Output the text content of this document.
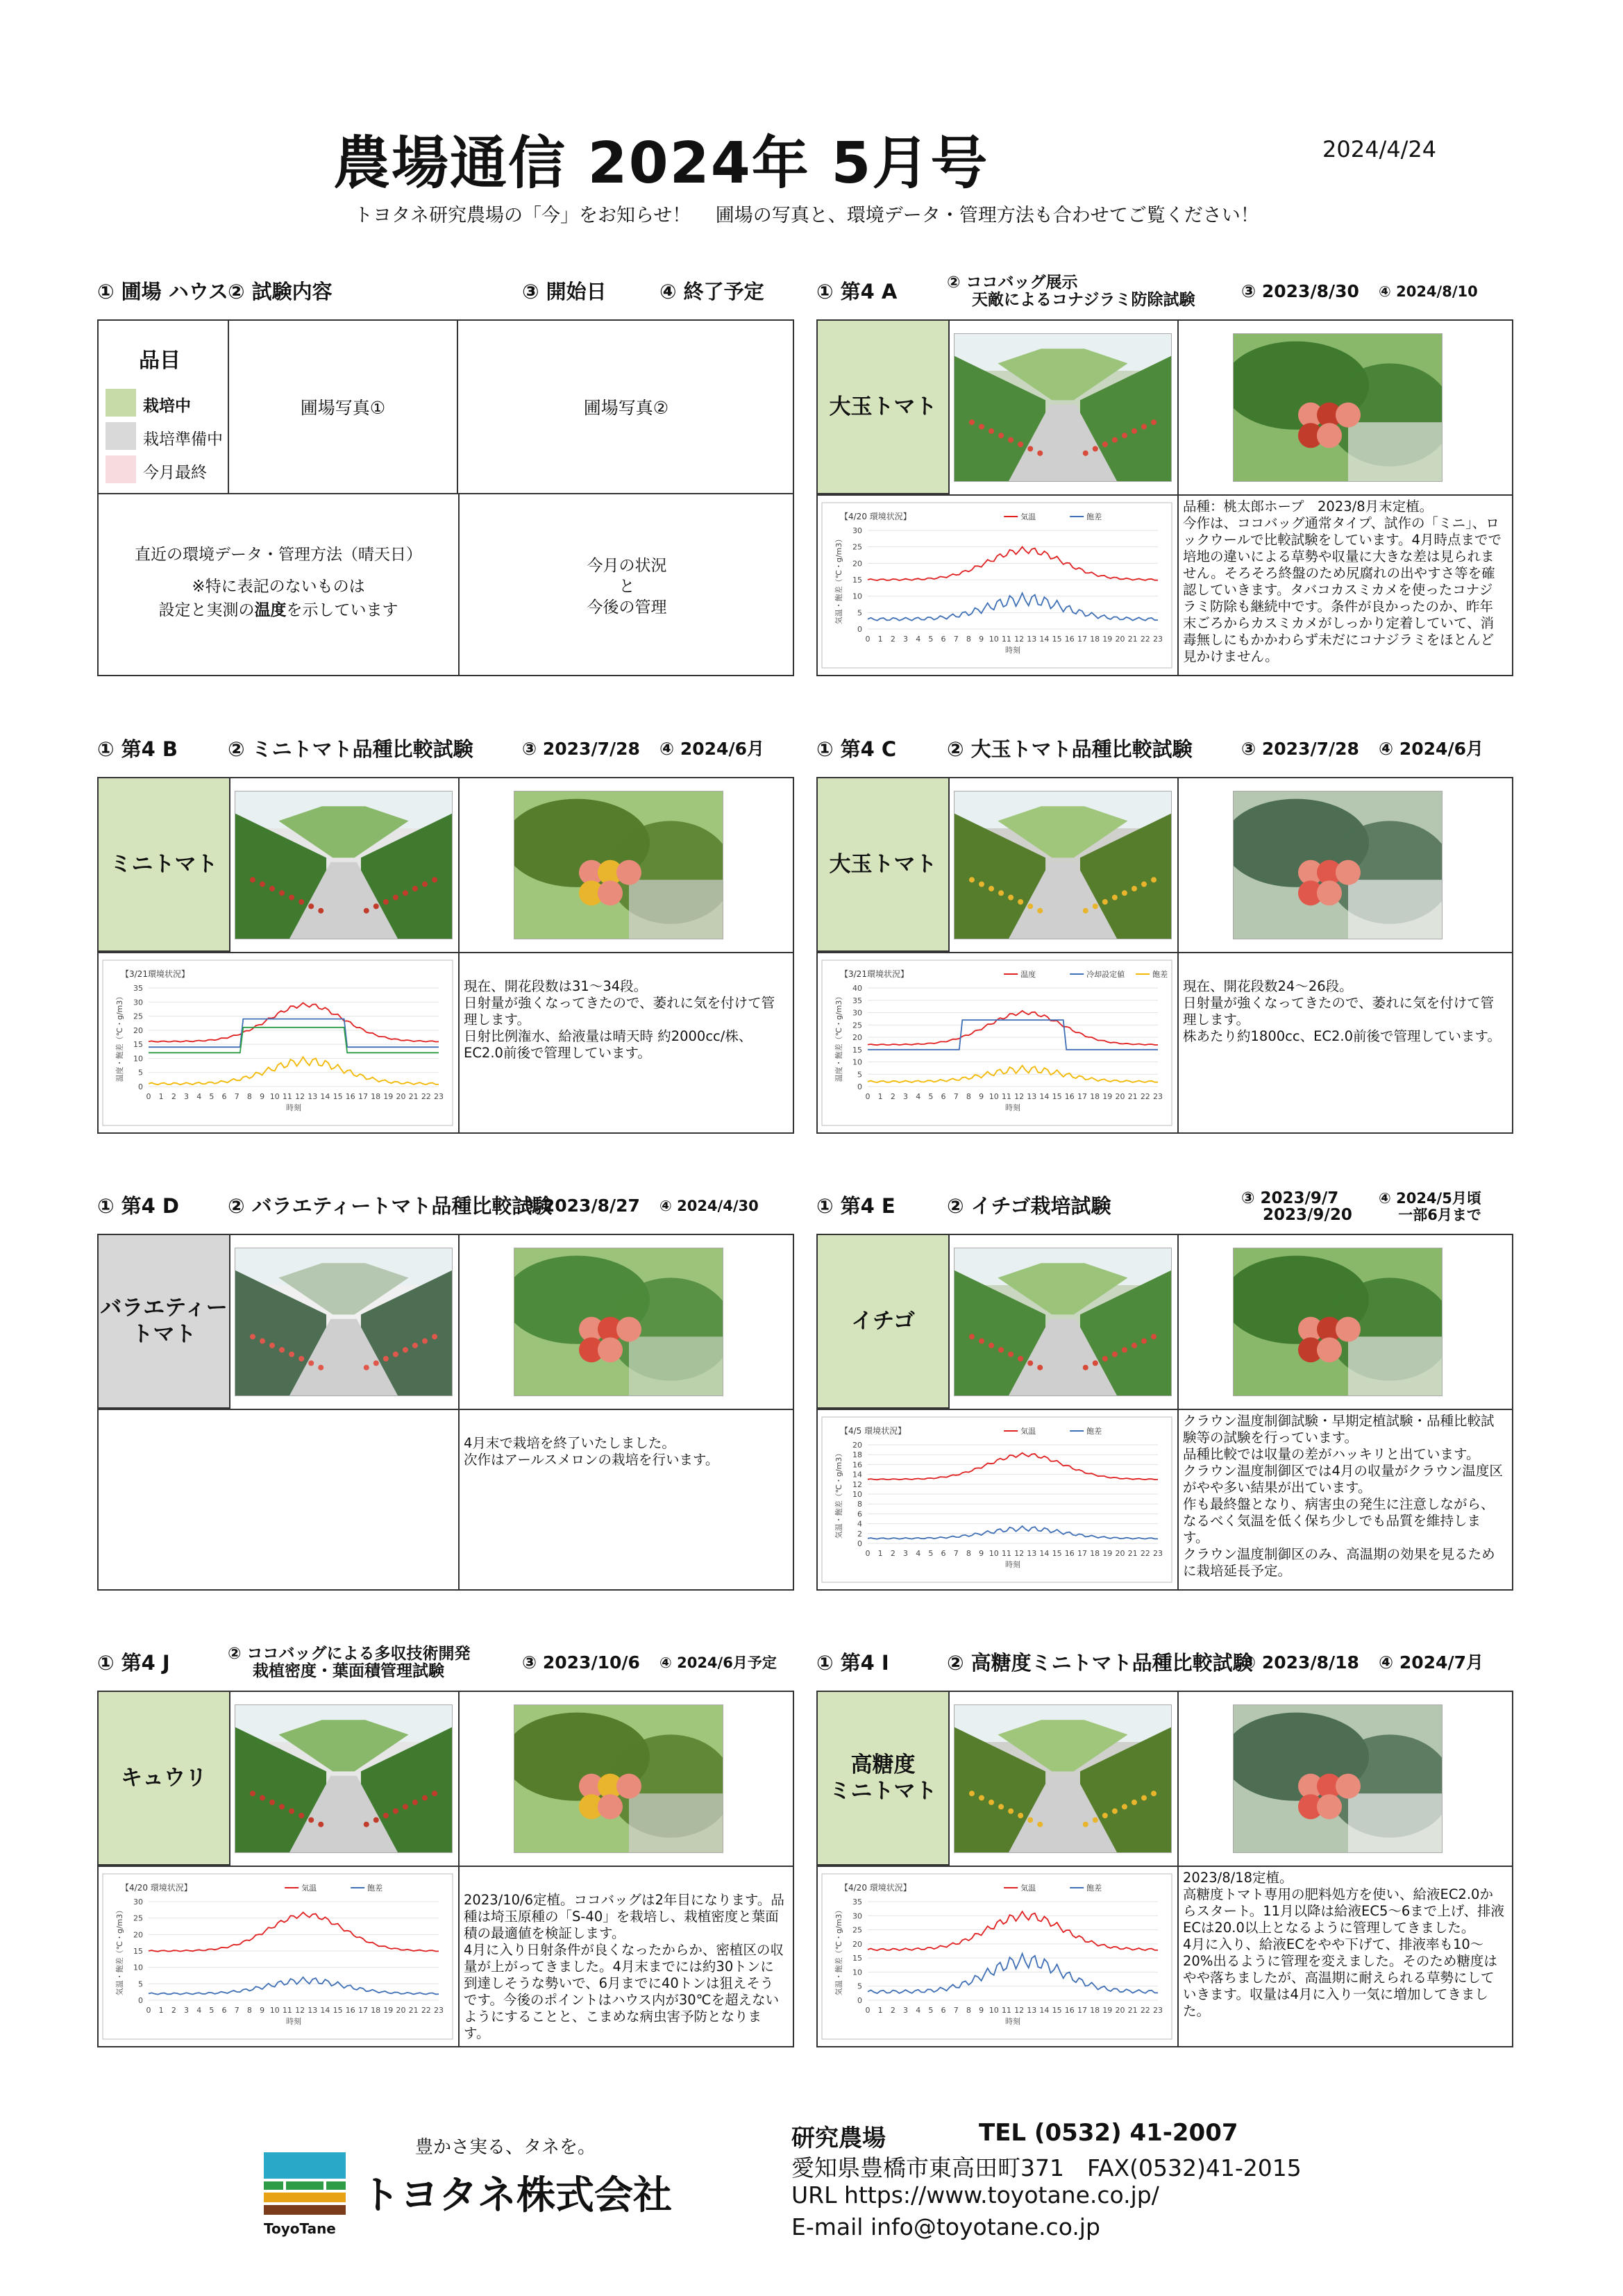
農場通信 2024年 5月号	2024/4/24
トヨタネ研究農場の「今」をお知らせ！　 圃場の写真と、環境データ・管理方法も合わせてご覧ください！
① 圃場 ハウス ② 試験内容	③ 開始日	④ 終了予定
品目
栽培中
栽培準備中
今月最終
圃場写真①	圃場写真②
直近の環境データ・管理方法（晴天日）
※特に表記のないものは
設定と実測の温度を示しています
今月の状況
と
今後の管理
① 第4 A	② ココバッグ展示
天敵によるコナジラミ防除試験	③ 2023/8/30 ④ 2024/8/10
大玉トマト
【4/20 環境状況】	気温	飽差
30
25
20
15
10
5
0
0 1 2 3 4 5 6 7 8 9 10 11 12 13 14 15 16 17 18 19 20 21 22 23
時刻
気温・飽差（℃・g/m3）
品種：桃太郎ホープ　2023/8月末定植。
今作は、ココバッグ通常タイプ、試作の「ミニ」、ロックウールで比較試験をしています。4月時点までで培地の違いによる草勢や収量に大きな差は見られません。そろそろ終盤のため尻腐れの出やすさ等を確認していきます。タバコカスミカメを使ったコナジラミ防除も継続中です。条件が良かったのか、昨年末ごろからカスミカメがしっかり定着していて、消毒無しにもかかわらず未だにコナジラミをほとんど見かけません。
① 第4 B ② ミニトマト品種比較試験	③ 2023/7/28 ④ 2024/6月
ミニトマト
【3/21環境状況】
35
30
25
20
15
10
5
0
0 1 2 3 4 5 6 7 8 9 10 11 12 13 14 15 16 17 18 19 20 21 22 23
時刻
温度・飽差（℃・g/m3）
現在、開花段数は31～34段。
日射量が強くなってきたので、萎れに気を付けて管理します。
日射比例潅水、給液量は晴天時 約2000cc/株、EC2.0前後で管理しています。
① 第4 C	② 大玉トマト品種比較試験	③ 2023/7/28 ④ 2024/6月
大玉トマト
【3/21環境状況】	温度	冷却設定値	飽差
40
35
30
25
20
15
10
5
0
0 1 2 3 4 5 6 7 8 9 10 11 12 13 14 15 16 17 18 19 20 21 22 23
時刻
温度・飽差（℃・g/m3）
現在、開花段数24～26段。
日射量が強くなってきたので、萎れに気を付けて管理します。
株あたり約1800cc、EC2.0前後で管理しています。
① 第4 D ② バラエティートマト品種比較試験
③ 2023/8/27 ④ 2024/4/30
バラエティー
トマト
4月末で栽培を終了いたしました。
次作はアールスメロンの栽培を行います。
① 第4 E	② イチゴ栽培試験	③ 2023/9/7
　 2023/9/20
④ 2024/5月頃
　 一部6月まで
イチゴ
【4/5 環境状況】	気温	飽差
20
18
16
14
12
10
8
6
4
2
0
0 1 2 3 4 5 6 7 8 9 10 11 12 13 14 15 16 17 18 19 20 21 22 23
時刻
気温・飽差（℃・g/m3）
クラウン温度制御試験・早期定植試験・品種比較試験等の試験を行っています。
品種比較では収量の差がハッキリと出ています。
クラウン温度制御区では4月の収量がクラウン温度区がやや多い結果が出ています。
作も最終盤となり、病害虫の発生に注意しながら、なるべく気温を低く保ち少しでも品質を維持します。
クラウン温度制御区のみ、高温期の効果を見るために栽培延長予定。
① 第4 J	② ココバッグによる多収技術開発
栽植密度・葉面積管理試験	③ 2023/10/6 ④ 2024/6月予定
キュウリ
【4/20 環境状況】	気温	飽差
30
25
20
15
10
5
0
0 1 2 3 4 5 6 7 8 9 10 11 12 13 14 15 16 17 18 19 20 21 22 23
時刻
気温・飽差（℃・g/m3）
2023/10/6定植。ココバッグは2年目になります。品種は埼玉原種の「S-40」を栽培し、栽植密度と葉面積の最適値を検証します。
4月に入り日射条件が良くなったからか、密植区の収量が上がってきました。4月末までには約30トンに到達しそうな勢いで、6月までに40トンは狙えそうです。今後のポイントはハウス内が30℃を超えないようにすることと、こまめな病虫害予防となります。
① 第4 I	② 高糖度ミニトマト品種比較試験
③ 2023/8/18 ④ 2024/7月
高糖度
ミニトマト
【4/20 環境状況】	気温	飽差
35
30
25
20
15
10
5
0
0 1 2 3 4 5 6 7 8 9 10 11 12 13 14 15 16 17 18 19 20 21 22 23
時刻
気温・飽差（℃・g/m3）
2023/8/18定植。
高糖度トマト専用の肥料処方を使い、給液EC2.0からスタート。11月以降は給液EC5～6まで上げ、排液ECは20.0以上となるように管理してきました。
4月に入り、給液ECをやや下げて、排液率も10～20%出るように管理を変えました。そのため糖度はやや落ちましたが、高温期に耐えられる草勢にしていきます。収量は4月に入り一気に増加してきました。
ToyoTane
豊かさ実る、タネを。
トヨタネ株式会社
研究農場	TEL (0532) 41-2007
愛知県豊橋市東高田町371　FAX(0532)41-2015
URL https://www.toyotane.co.jp/
E-mail info@toyotane.co.jp
